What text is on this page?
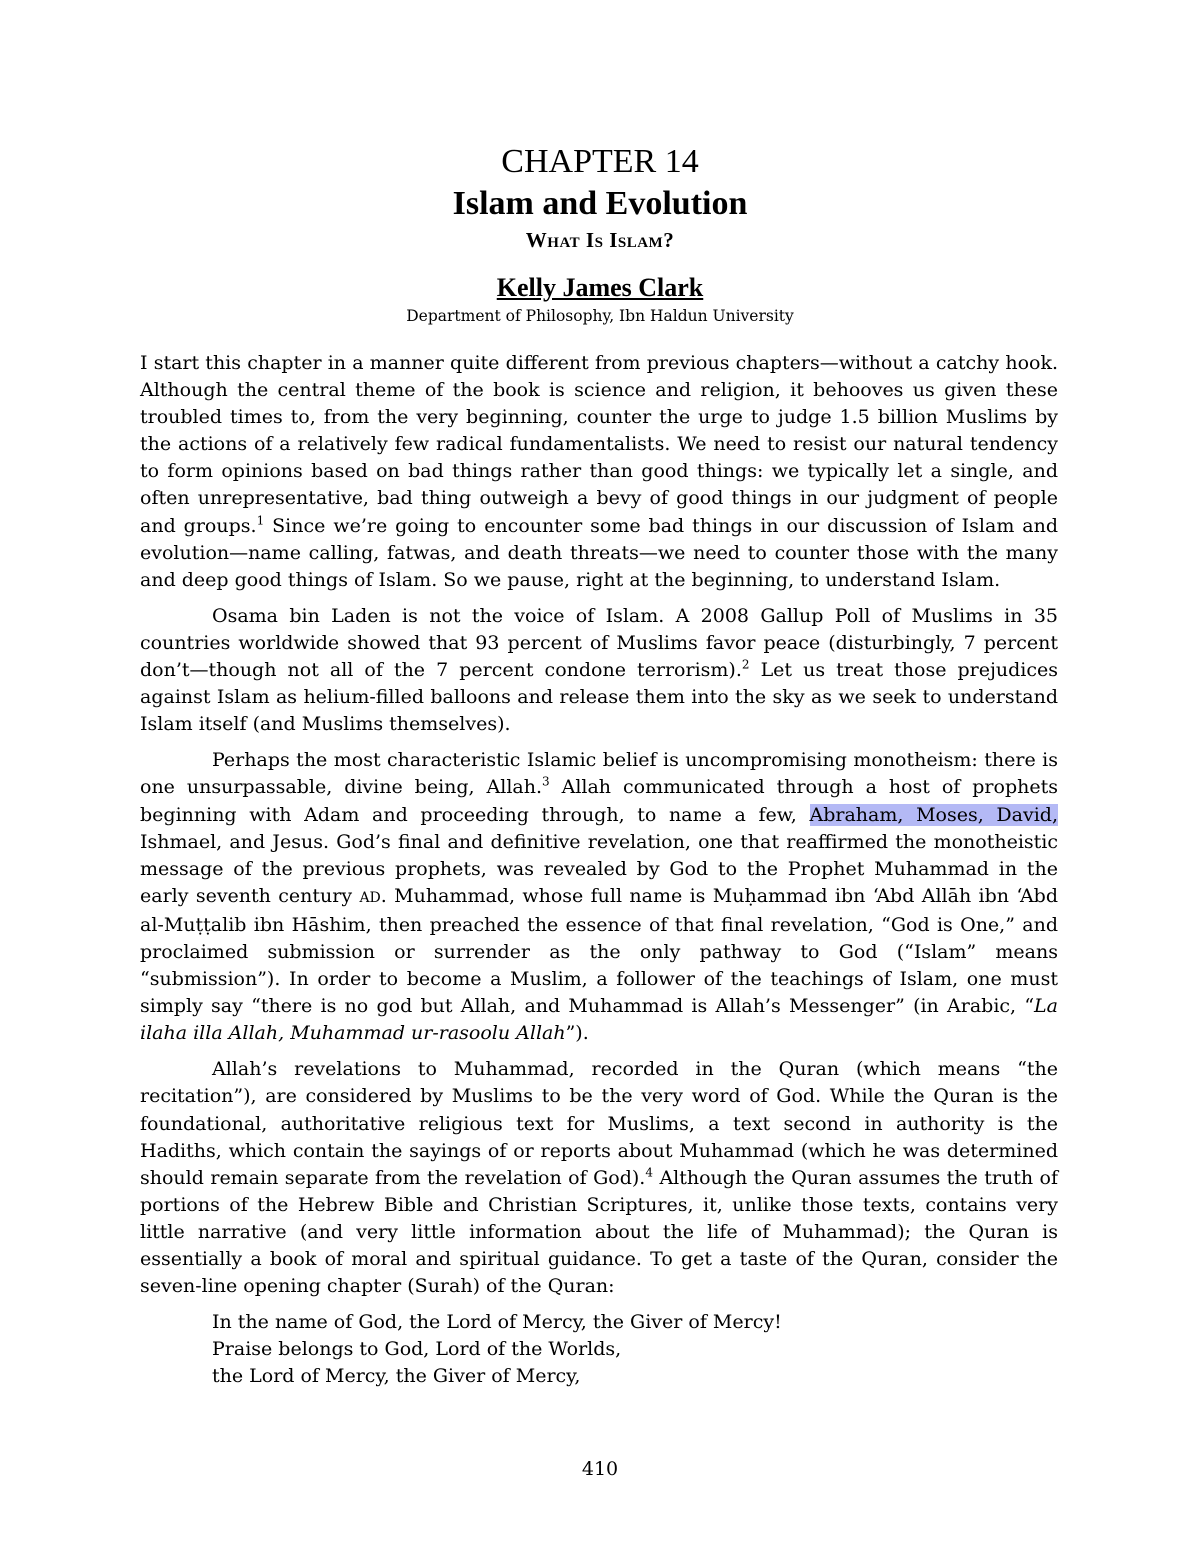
CHAPTER 14
Islam and Evolution
What Is Islam?
Kelly James Clark
Department of Philosophy, Ibn Haldun University

I start this chapter in a manner quite different from previous chapters—without a catchy hook. Although the central theme of the book is science and religion, it behooves us given these troubled times to, from the very beginning, counter the urge to judge 1.5 billion Muslims by the actions of a relatively few radical fundamentalists. We need to resist our natural tendency to form opinions based on bad things rather than good things: we typically let a single, and often unrepresentative, bad thing outweigh a bevy of good things in our judgment of people and groups.$^1$ Since we’re going to encounter some bad things in our discussion of Islam and evolution—name calling, fatwas, and death threats—we need to counter those with the many and deep good things of Islam. So we pause, right at the beginning, to understand Islam.

Osama bin Laden is not the voice of Islam. A 2008 Gallup Poll of Muslims in 35 countries worldwide showed that 93 percent of Muslims favor peace (disturbingly, 7 percent don’t—though not all of the 7 percent condone terrorism).$^2$ Let us treat those prejudices against Islam as helium-filled balloons and release them into the sky as we seek to understand Islam itself (and Muslims themselves).

Perhaps the most characteristic Islamic belief is uncompromising monotheism: there is one unsurpassable, divine being, Allah.$^3$ Allah communicated through a host of prophets beginning with Adam and proceeding through, to name a few, Abraham, Moses, David, Ishmael, and Jesus. God’s final and definitive revelation, one that reaffirmed the monotheistic message of the previous prophets, was revealed by God to the Prophet Muhammad in the early seventh century AD. Muhammad, whose full name is Muḥammad ibn ‘Abd Allāh ibn ‘Abd al-Muṭṭalib ibn Hāshim, then preached the essence of that final revelation, “God is One,” and proclaimed submission or surrender as the only pathway to God (“Islam” means “submission”). In order to become a Muslim, a follower of the teachings of Islam, one must simply say “there is no god but Allah, and Muhammad is Allah’s Messenger” (in Arabic, “La ilaha illa Allah, Muhammad ur-rasoolu Allah”).

Allah’s revelations to Muhammad, recorded in the Quran (which means “the recitation”), are considered by Muslims to be the very word of God. While the Quran is the foundational, authoritative religious text for Muslims, a text second in authority is the Hadiths, which contain the sayings of or reports about Muhammad (which he was determined should remain separate from the revelation of God).$^4$ Although the Quran assumes the truth of portions of the Hebrew Bible and Christian Scriptures, it, unlike those texts, contains very little narrative (and very little information about the life of Muhammad); the Quran is essentially a book of moral and spiritual guidance. To get a taste of the Quran, consider the seven-line opening chapter (Surah) of the Quran:

In the name of God, the Lord of Mercy, the Giver of Mercy!
Praise belongs to God, Lord of the Worlds,
the Lord of Mercy, the Giver of Mercy,
410
